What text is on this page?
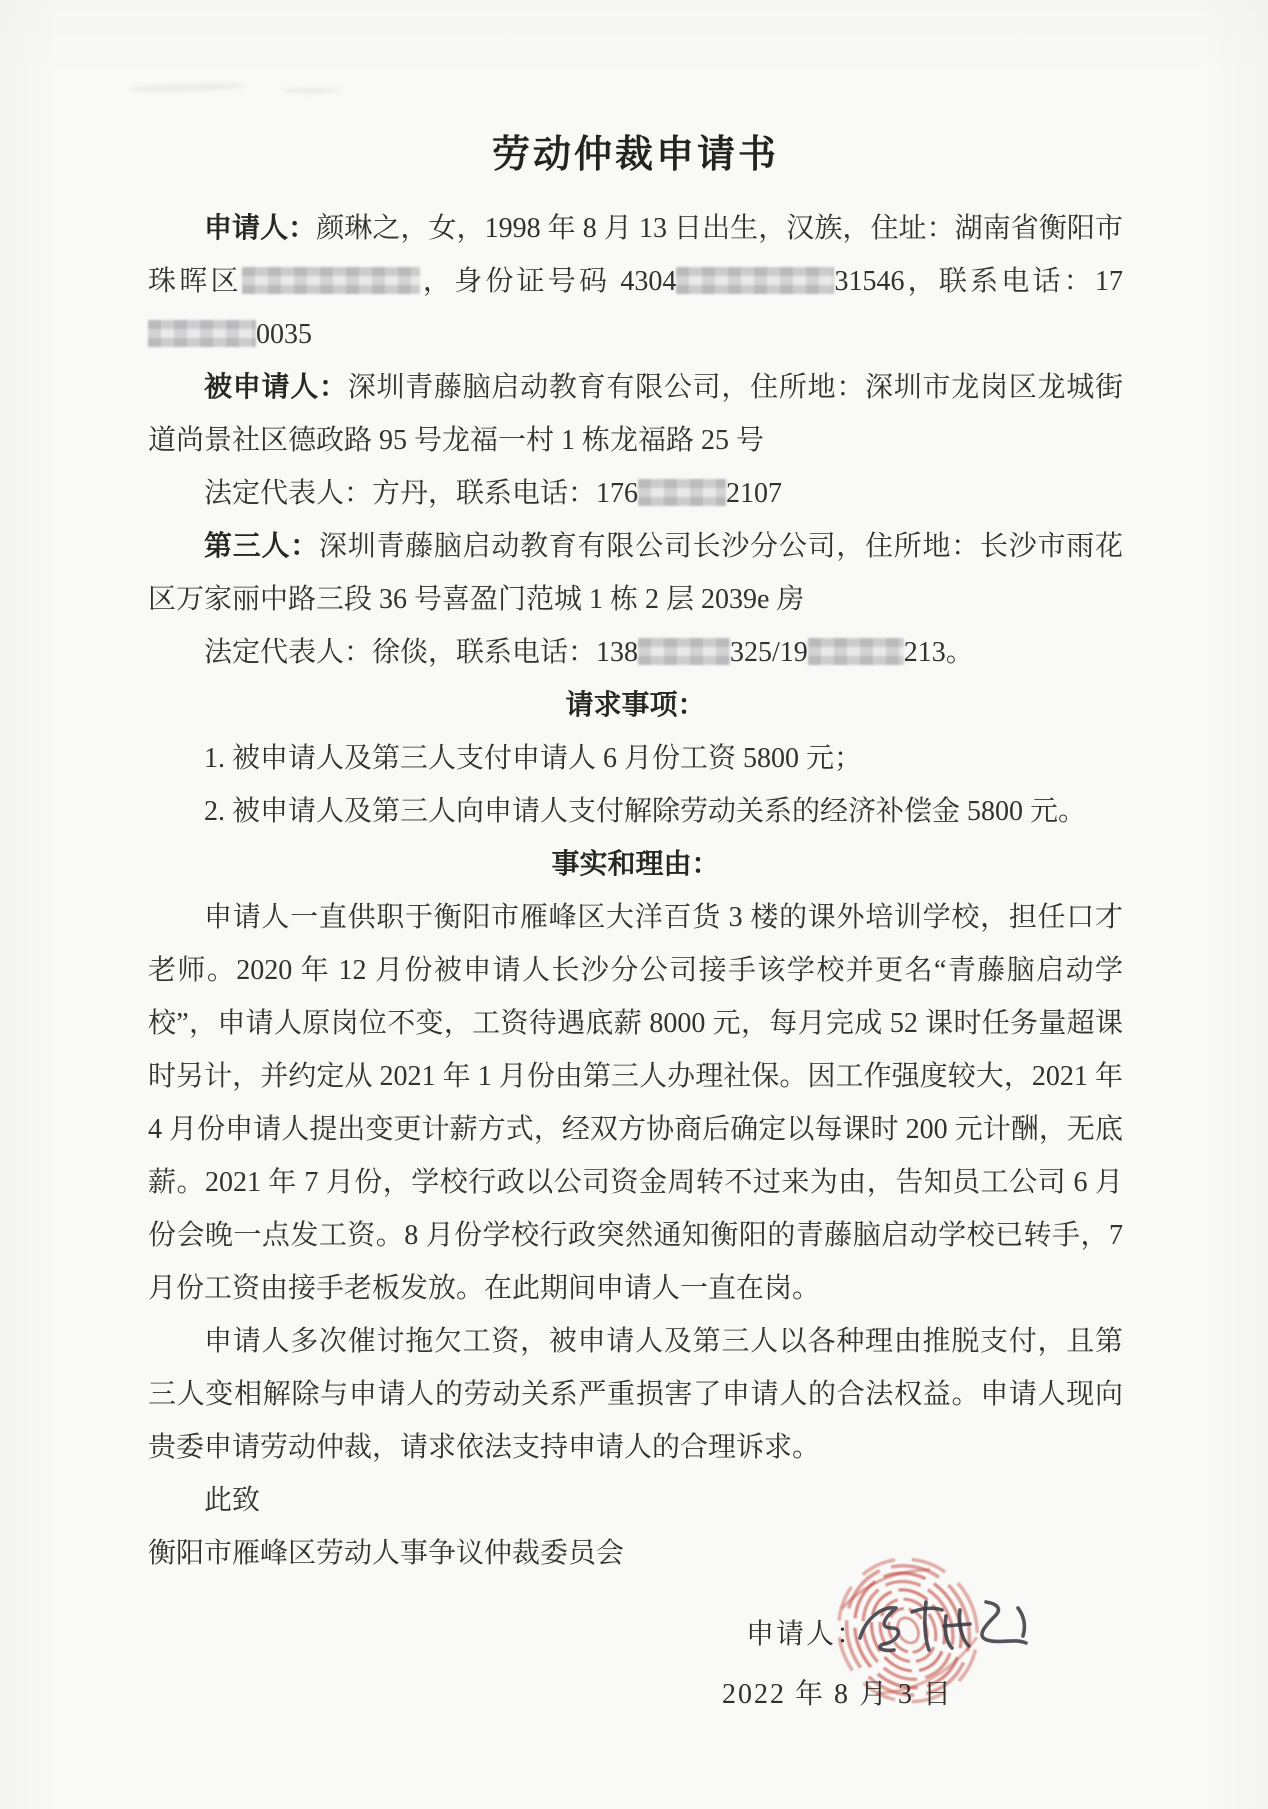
劳动仲裁申请书

申请人：颜琳之，女，1998 年 8 月 13 日出生，汉族，住址：湖南省衡阳市珠晖区	，身份证号码 4304	31546，联系电话：170035

被申请人：深圳青藤脑启动教育有限公司，住所地：深圳市龙岗区龙城街道尚景社区德政路 95 号龙福一村 1 栋龙福路 25 号

法定代表人：方丹，联系电话：176	2107

第三人：深圳青藤脑启动教育有限公司长沙分公司，住所地：长沙市雨花区万家丽中路三段 36 号喜盈门范城 1 栋 2 层 2039e 房

法定代表人：徐倓，联系电话：138	325/19	213。

请求事项：

1. 被申请人及第三人支付申请人 6 月份工资 5800 元；

2. 被申请人及第三人向申请人支付解除劳动关系的经济补偿金 5800 元。

事实和理由：

申请人一直供职于衡阳市雁峰区大洋百货 3 楼的课外培训学校，担任口才老师。2020 年 12 月份被申请人长沙分公司接手该学校并更名“青藤脑启动学校”，申请人原岗位不变，工资待遇底薪 8000 元，每月完成 52 课时任务量超课时另计，并约定从 2021 年 1 月份由第三人办理社保。因工作强度较大，2021 年 4 月份申请人提出变更计薪方式，经双方协商后确定以每课时 200 元计酬，无底薪。2021 年 7 月份，学校行政以公司资金周转不过来为由，告知员工公司 6 月份会晚一点发工资。8 月份学校行政突然通知衡阳的青藤脑启动学校已转手，7 月份工资由接手老板发放。在此期间申请人一直在岗。

申请人多次催讨拖欠工资，被申请人及第三人以各种理由推脱支付，且第三人变相解除与申请人的劳动关系严重损害了申请人的合法权益。申请人现向贵委申请劳动仲裁，请求依法支持申请人的合理诉求。

此致

衡阳市雁峰区劳动人事争议仲裁委员会

申请人：
2022 年 8 月 3 日
